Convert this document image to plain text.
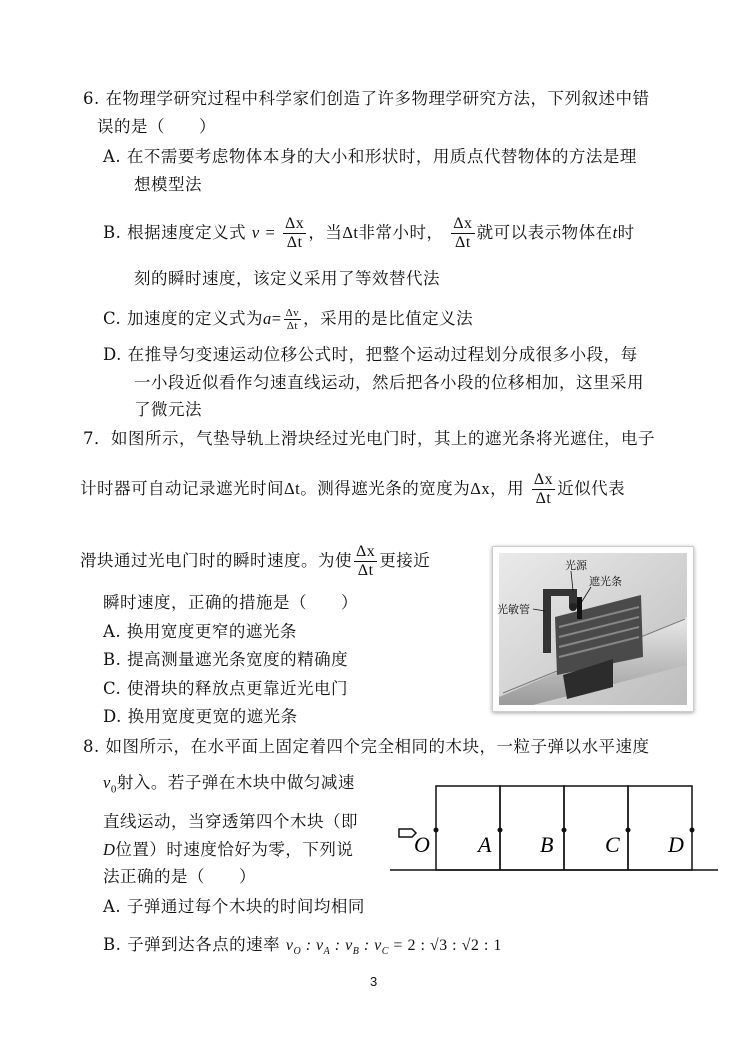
6. 在物理学研究过程中科学家们创造了许多物理学研究方法，下列叙述中错
误的是（　　）
A. 在不需要考虑物体本身的大小和形状时，用质点代替物体的方法是理
想模型法
B. 根据速度定义式 $v = \frac{\Delta x}{\Delta t}$ ，当Δt非常小时， $\frac{\Delta x}{\Delta t}$ 就可以表示物体在t时
刻的瞬时速度，该定义采用了等效替代法
C. 加速度的定义式为$a= \frac{\Delta v}{\Delta t}$ ，采用的是比值定义法
D. 在推导匀变速运动位移公式时，把整个运动过程划分成很多小段，每
一小段近似看作匀速直线运动，然后把各小段的位移相加，这里采用
了微元法
7．如图所示，气垫导轨上滑块经过光电门时，其上的遮光条将光遮住，电子
计时器可自动记录遮光时间Δt。测得遮光条的宽度为Δx，用 $\frac{\Delta x}{\Delta t}$ 近似代表
滑块通过光电门时的瞬时速度。为使 $\frac{\Delta x}{\Delta t}$ 更接近
瞬时速度，正确的措施是（　　）
A. 换用宽度更窄的遮光条
B. 提高测量遮光条宽度的精确度
C. 使滑块的释放点更靠近光电门
D. 换用宽度更宽的遮光条
光源
遮光条
光敏管
8. 如图所示，在水平面上固定着四个完全相同的木块，一粒子弹以水平速度
$v_0$射入。若子弹在木块中做匀减速
直线运动，当穿透第四个木块（即
D位置）时速度恰好为零，下列说
法正确的是（　　）
A. 子弹通过每个木块的时间均相同
B. 子弹到达各点的速率 $v_O$ : $v_A$ : $v_B$ : $v_C = 2$ : √3 : √2 : 1
O A B C D
3
